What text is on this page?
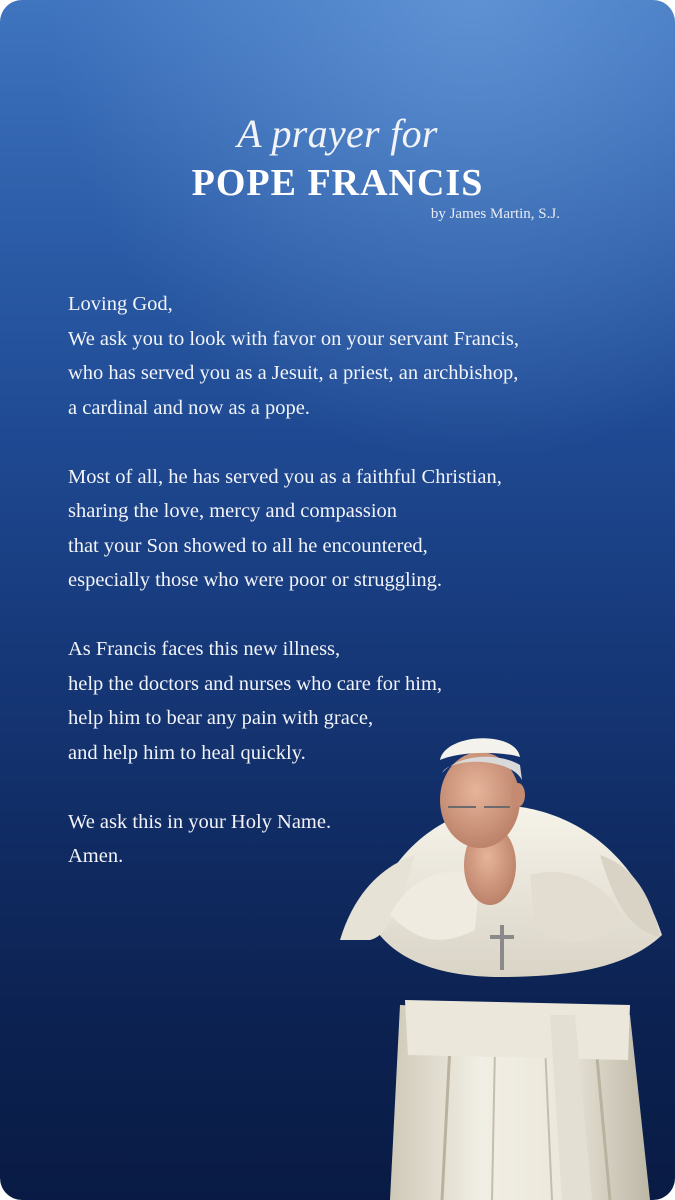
A prayer for
POPE FRANCIS
by James Martin, S.J.
Loving God,
We ask you to look with favor on your servant Francis,
who has served you as a Jesuit, a priest, an archbishop,
a cardinal and now as a pope.
Most of all, he has served you as a faithful Christian,
sharing the love, mercy and compassion
that your Son showed to all he encountered,
especially those who were poor or struggling.
As Francis faces this new illness,
help the doctors and nurses who care for him,
help him to bear any pain with grace,
and help him to heal quickly.
We ask this in your Holy Name.
Amen.
